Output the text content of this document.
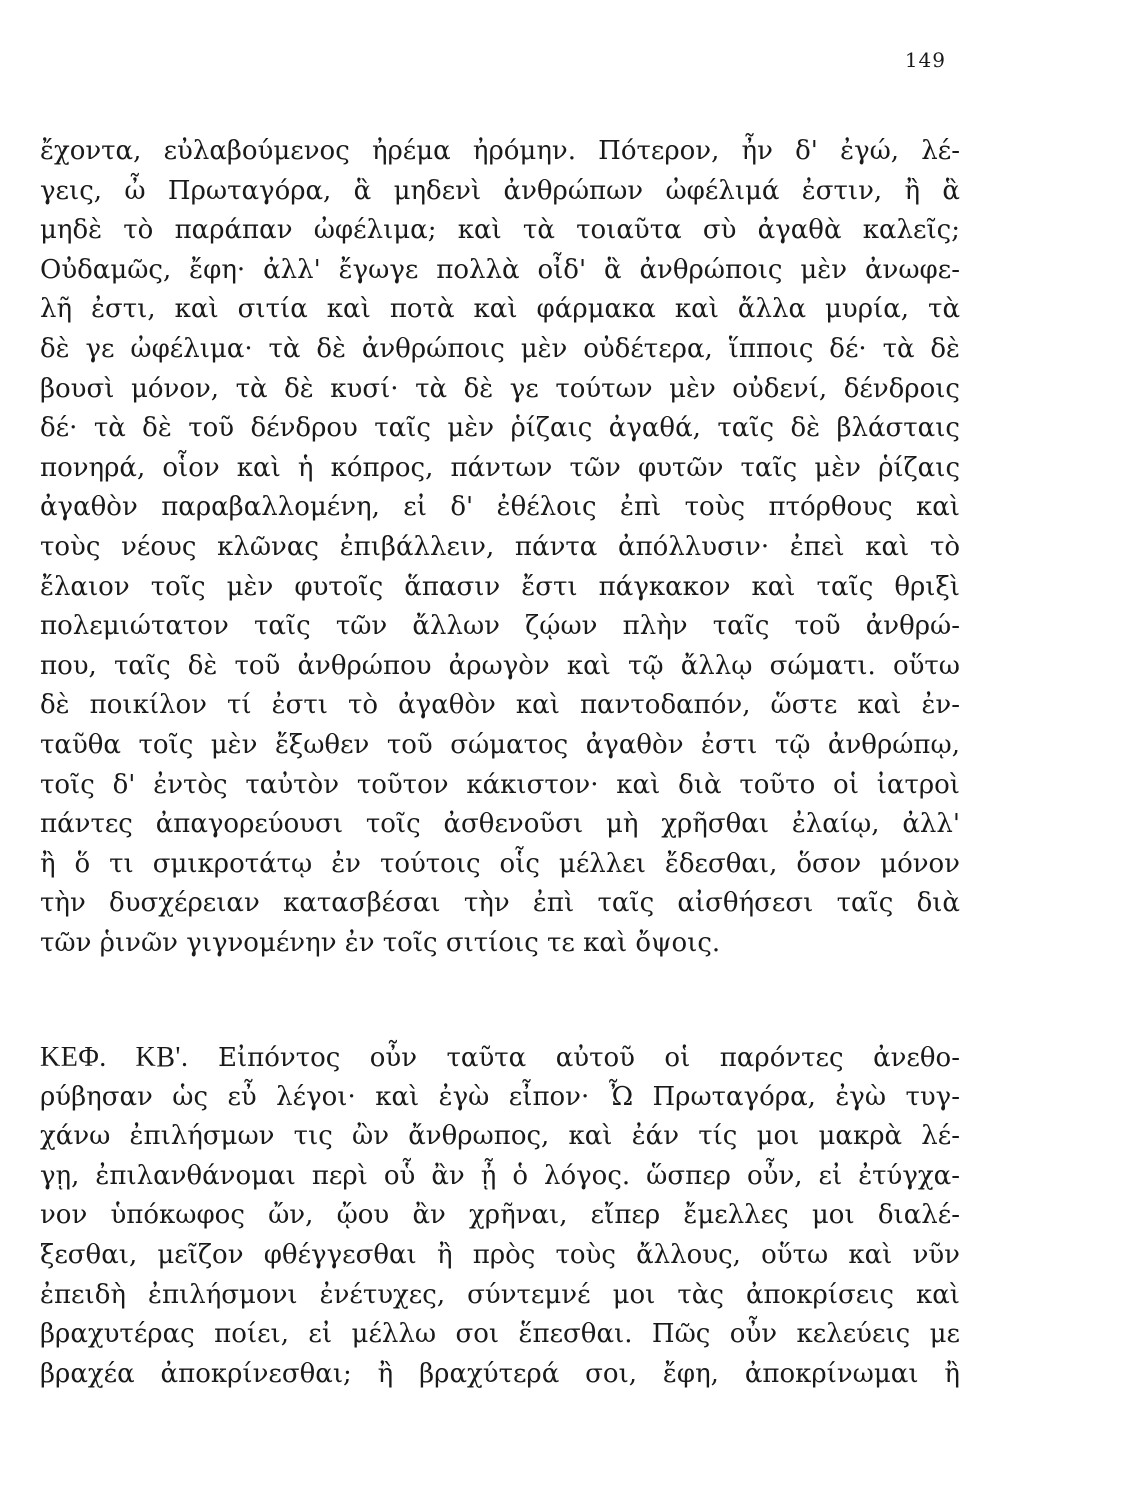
149
ἔχοντα, εὐλαβούμενος ἠρέμα ἠρόμην. Πότερον, ἦν δ' ἐγώ, λέ-
γεις, ὦ Πρωταγόρα, ἃ μηδενὶ ἀνθρώπων ὠφέλιμά ἐστιν, ἢ ἃ
μηδὲ τὸ παράπαν ὠφέλιμα; καὶ τὰ τοιαῦτα σὺ ἀγαθὰ καλεῖς;
Οὐδαμῶς, ἔφη· ἀλλ' ἔγωγε πολλὰ οἶδ' ἃ ἀνθρώποις μὲν ἀνωφε-
λῆ ἐστι, καὶ σιτία καὶ ποτὰ καὶ φάρμακα καὶ ἄλλα μυρία, τὰ
δὲ γε ὠφέλιμα· τὰ δὲ ἀνθρώποις μὲν οὐδέτερα, ἵπποις δέ· τὰ δὲ
βουσὶ μόνον, τὰ δὲ κυσί· τὰ δὲ γε τούτων μὲν οὐδενί, δένδροις
δέ· τὰ δὲ τοῦ δένδρου ταῖς μὲν ῥίζαις ἀγαθά, ταῖς δὲ βλάσταις
πονηρά, οἷον καὶ ἡ κόπρος, πάντων τῶν φυτῶν ταῖς μὲν ῥίζαις
ἀγαθὸν παραβαλλομένη, εἰ δ' ἐθέλοις ἐπὶ τοὺς πτόρθους καὶ
τοὺς νέους κλῶνας ἐπιβάλλειν, πάντα ἀπόλλυσιν· ἐπεὶ καὶ τὸ
ἔλαιον τοῖς μὲν φυτοῖς ἅπασιν ἔστι πάγκακον καὶ ταῖς θριξὶ
πολεμιώτατον ταῖς τῶν ἄλλων ζῴων πλὴν ταῖς τοῦ ἀνθρώ-
που, ταῖς δὲ τοῦ ἀνθρώπου ἀρωγὸν καὶ τῷ ἄλλῳ σώματι. οὕτω
δὲ ποικίλον τί ἐστι τὸ ἀγαθὸν καὶ παντοδαπόν, ὥστε καὶ ἐν-
ταῦθα τοῖς μὲν ἔξωθεν τοῦ σώματος ἀγαθὸν ἐστι τῷ ἀνθρώπῳ,
τοῖς δ' ἐντὸς ταὐτὸν τοῦτον κάκιστον· καὶ διὰ τοῦτο οἱ ἰατροὶ
πάντες ἀπαγορεύουσι τοῖς ἀσθενοῦσι μὴ χρῆσθαι ἐλαίῳ, ἀλλ'
ἢ ὅ τι σμικροτάτῳ ἐν τούτοις οἷς μέλλει ἔδεσθαι, ὅσον μόνον
τὴν δυσχέρειαν κατασβέσαι τὴν ἐπὶ ταῖς αἰσθήσεσι ταῖς διὰ
τῶν ῥινῶν γιγνομένην ἐν τοῖς σιτίοις τε καὶ ὄψοις.
ΚΕΦ. ΚΒ'. Εἰπόντος οὖν ταῦτα αὐτοῦ οἱ παρόντες ἀνεθο-
ρύβησαν ὡς εὖ λέγοι· καὶ ἐγὼ εἶπον· Ὦ Πρωταγόρα, ἐγὼ τυγ-
χάνω ἐπιλήσμων τις ὢν ἄνθρωπος, καὶ ἐάν τίς μοι μακρὰ λέ-
γῃ, ἐπιλανθάνομαι περὶ οὗ ἂν ᾖ ὁ λόγος. ὥσπερ οὖν, εἰ ἐτύγχα-
νον ὑπόκωφος ὤν, ᾤου ἂν χρῆναι, εἴπερ ἔμελλες μοι διαλέ-
ξεσθαι, μεῖζον φθέγγεσθαι ἢ πρὸς τοὺς ἄλλους, οὕτω καὶ νῦν
ἐπειδὴ ἐπιλήσμονι ἐνέτυχες, σύντεμνέ μοι τὰς ἀποκρίσεις καὶ
βραχυτέρας ποίει, εἰ μέλλω σοι ἕπεσθαι. Πῶς οὖν κελεύεις με
βραχέα ἀποκρίνεσθαι; ἢ βραχύτερά σοι, ἔφη, ἀποκρίνωμαι ἢ
